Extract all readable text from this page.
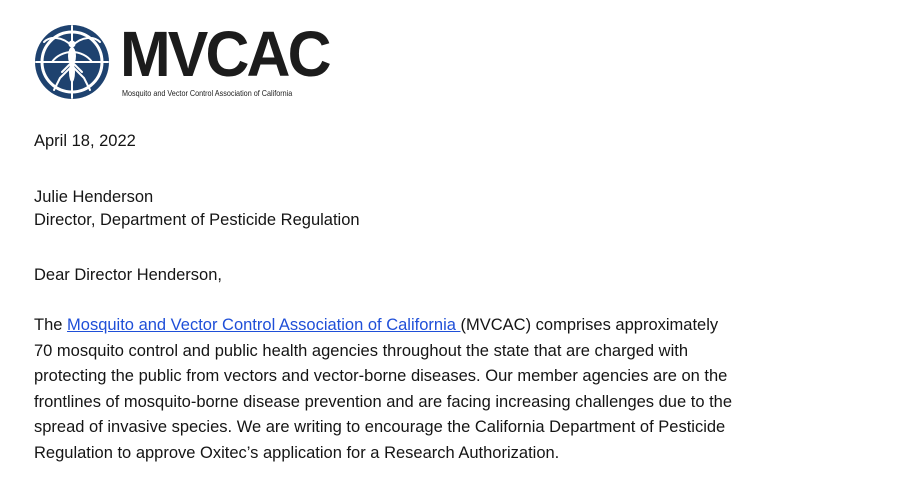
MVCAC
Mosquito and Vector Control Association of California
April 18, 2022
Julie Henderson
Director, Department of Pesticide Regulation
Dear Director Henderson,
The Mosquito and Vector Control Association of California (MVCAC) comprises approximately
70 mosquito control and public health agencies throughout the state that are charged with
protecting the public from vectors and vector-borne diseases. Our member agencies are on the
frontlines of mosquito-borne disease prevention and are facing increasing challenges due to the
spread of invasive species. We are writing to encourage the California Department of Pesticide
Regulation to approve Oxitec’s application for a Research Authorization.
